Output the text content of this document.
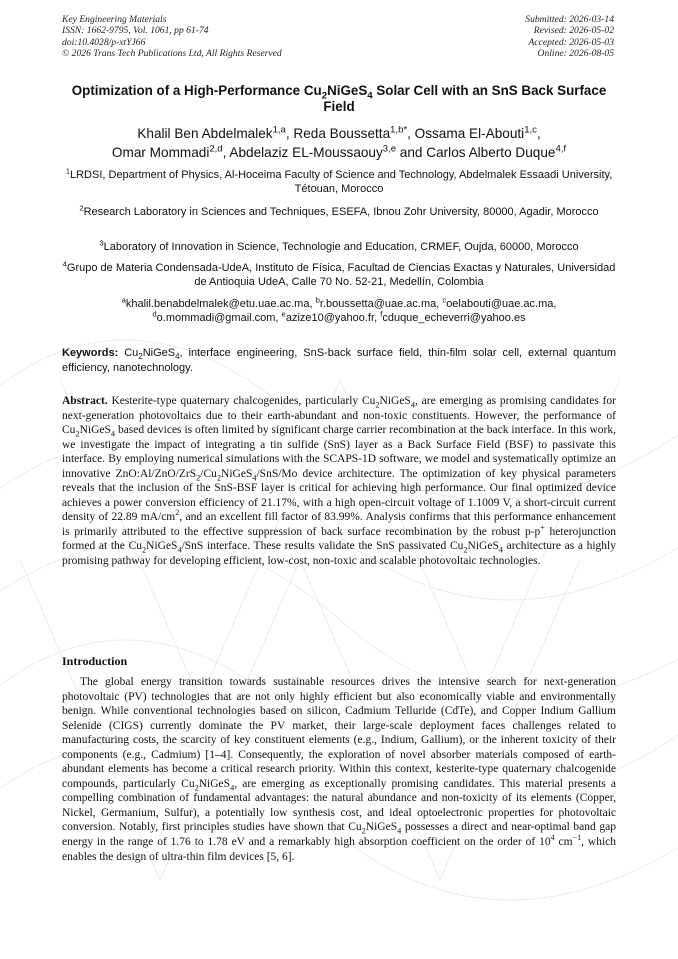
Key Engineering Materials
ISSN: 1662-9795, Vol. 1061, pp 61-74
doi:10.4028/p-xtYJ66
© 2026 Trans Tech Publications Ltd, All Rights Reserved
Submitted: 2026-03-14
Revised: 2026-05-02
Accepted: 2026-05-03
Online: 2026-08-05
Optimization of a High-Performance $Cu_2NiGeS_4$ Solar Cell with an SnS Back Surface Field
Khalil Ben Abdelmalek$^{1,a}$, Reda Boussetta$^{1,b*}$, Ossama El-Abouti$^{1,c}$,
Omar Mommadi$^{2,d}$, Abdelaziz EL-Moussaouy$^{3,e}$ and Carlos Alberto Duque$^{4,f}$
$^1$LRDSI, Department of Physics, Al-Hoceima Faculty of Science and Technology, Abdelmalek Essaadi University, Tétouan, Morocco
$^2$Research Laboratory in Sciences and Techniques, ESEFA, Ibnou Zohr University, 80000, Agadir, Morocco
$^3$Laboratory of Innovation in Science, Technologie and Education, CRMEF, Oujda, 60000, Morocco
$^4$Grupo de Materia Condensada-UdeA, Instituto de Física, Facultad de Ciencias Exactas y Naturales, Universidad de Antioquia UdeA, Calle 70 No. 52-21, Medellín, Colombia
$^a$khalil.benabdelmalek@etu.uae.ac.ma, $^b$r.boussetta@uae.ac.ma, $^c$oelabouti@uae.ac.ma,
$^d$o.mommadi@gmail.com, $^e$azize10@yahoo.fr, $^f$cduque_echeverri@yahoo.es
Keywords: $Cu_2NiGeS_4$, interface engineering, SnS-back surface field, thin-film solar cell, external quantum efficiency, nanotechnology.

Abstract. Kesterite-type quaternary chalcogenides, particularly $Cu_2NiGeS_4$, are emerging as promising candidates for next-generation photovoltaics due to their earth-abundant and non-toxic constituents. However, the performance of $Cu_2NiGeS_4$ based devices is often limited by significant charge carrier recombination at the back interface. In this work, we investigate the impact of integrating a tin sulfide (SnS) layer as a Back Surface Field (BSF) to passivate this interface. By employing numerical simulations with the SCAPS-1D software, we model and systematically optimize an innovative $ZnO:Al/ZnO/ZrS_2/Cu_2NiGeS_4/SnS/Mo$ device architecture. The optimization of key physical parameters reveals that the inclusion of the SnS-BSF layer is critical for achieving high performance. Our final optimized device achieves a power conversion efficiency of 21.17%, with a high open-circuit voltage of 1.1009 V, a short-circuit current density of 22.89 $mA/cm^2$, and an excellent fill factor of 83.99%. Analysis confirms that this performance enhancement is primarily attributed to the effective suppression of back surface recombination by the robust p-p+ heterojunction formed at the $Cu_2NiGeS_4$/SnS interface. These results validate the SnS passivated $Cu_2NiGeS_4$ architecture as a highly promising pathway for developing efficient, low-cost, non-toxic and scalable photovoltaic technologies.

Introduction

The global energy transition towards sustainable resources drives the intensive search for next-generation photovoltaic (PV) technologies that are not only highly efficient but also economically viable and environmentally benign. While conventional technologies based on silicon, Cadmium Telluride (CdTe), and Copper Indium Gallium Selenide (CIGS) currently dominate the PV market, their large-scale deployment faces challenges related to manufacturing costs, the scarcity of key constituent elements (e.g., Indium, Gallium), or the inherent toxicity of their components (e.g., Cadmium) [1–4]. Consequently, the exploration of novel absorber materials composed of earth-abundant elements has become a critical research priority. Within this context, kesterite-type quaternary chalcogenide compounds, particularly $Cu_2NiGeS_4$, are emerging as exceptionally promising candidates. This material presents a compelling combination of fundamental advantages: the natural abundance and non-toxicity of its elements (Copper, Nickel, Germanium, Sulfur), a potentially low synthesis cost, and ideal optoelectronic properties for photovoltaic conversion. Notably, first principles studies have shown that $Cu_2NiGeS_4$ possesses a direct and near-optimal band gap energy in the range of 1.76 to 1.78 eV and a remarkably high absorption coefficient on the order of $10^4$ $cm^{-1}$, which enables the design of ultra-thin film devices [5, 6].
